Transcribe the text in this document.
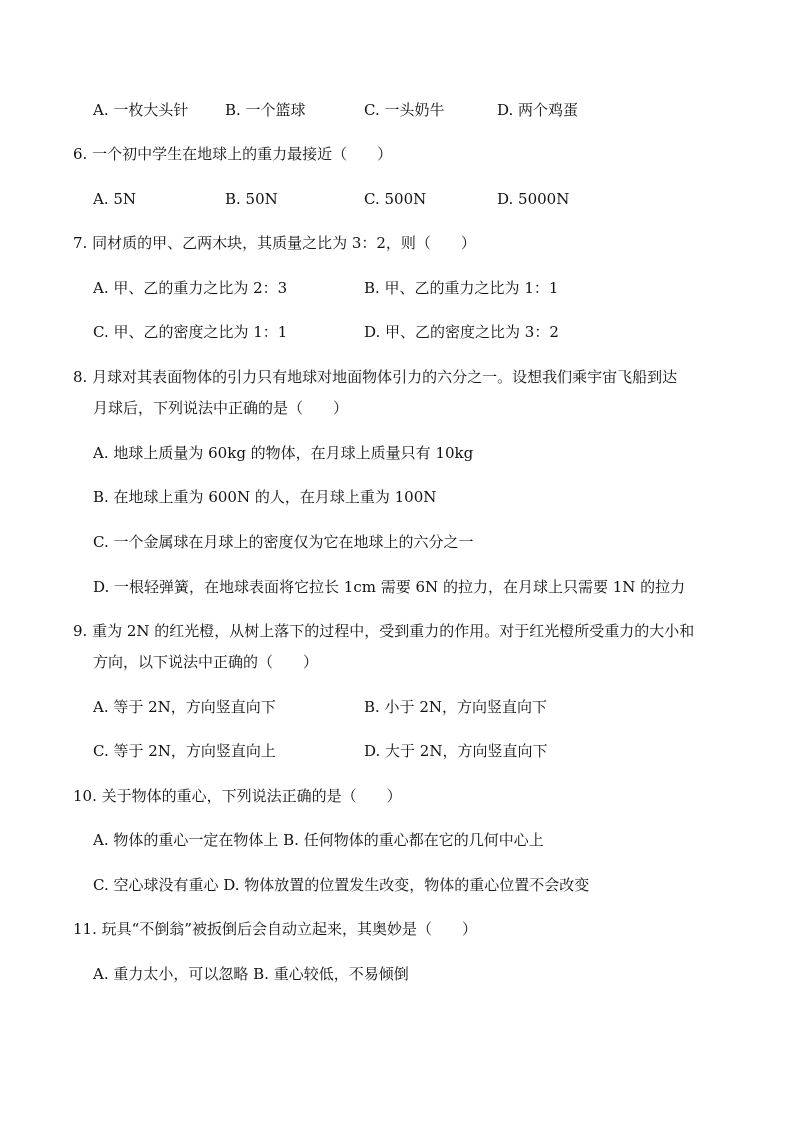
A. 一枚大头针 B. 一个篮球	C. 一头奶牛	D. 两个鸡蛋
6. 一个初中学生在地球上的重力最接近（　　）
A. 5N	B. 50N	C. 500N	D. 5000N
7. 同材质的甲、乙两木块，其质量之比为 3：2，则（　　）
A. 甲、乙的重力之比为 2：3	B. 甲、乙的重力之比为 1：1
C. 甲、乙的密度之比为 1：1	D. 甲、乙的密度之比为 3：2
8. 月球对其表面物体的引力只有地球对地面物体引力的六分之一。设想我们乘宇宙飞船到达
月球后，下列说法中正确的是（　　）
A. 地球上质量为 60kg 的物体，在月球上质量只有 10kg
B. 在地球上重为 600N 的人，在月球上重为 100N
C. 一个金属球在月球上的密度仅为它在地球上的六分之一
D. 一根轻弹簧，在地球表面将它拉长 1cm 需要 6N 的拉力，在月球上只需要 1N 的拉力
9. 重为 2N 的红光橙，从树上落下的过程中，受到重力的作用。对于红光橙所受重力的大小和
方向，以下说法中正确的（　　）
A. 等于 2N，方向竖直向下	B. 小于 2N，方向竖直向下
C. 等于 2N，方向竖直向上	D. 大于 2N，方向竖直向下
10. 关于物体的重心，下列说法正确的是（　　）
A. 物体的重心一定在物体上 B. 任何物体的重心都在它的几何中心上
C. 空心球没有重心 D. 物体放置的位置发生改变，物体的重心位置不会改变
11. 玩具“不倒翁”被扳倒后会自动立起来，其奥妙是（　　）
A. 重力太小，可以忽略 B. 重心较低，不易倾倒
